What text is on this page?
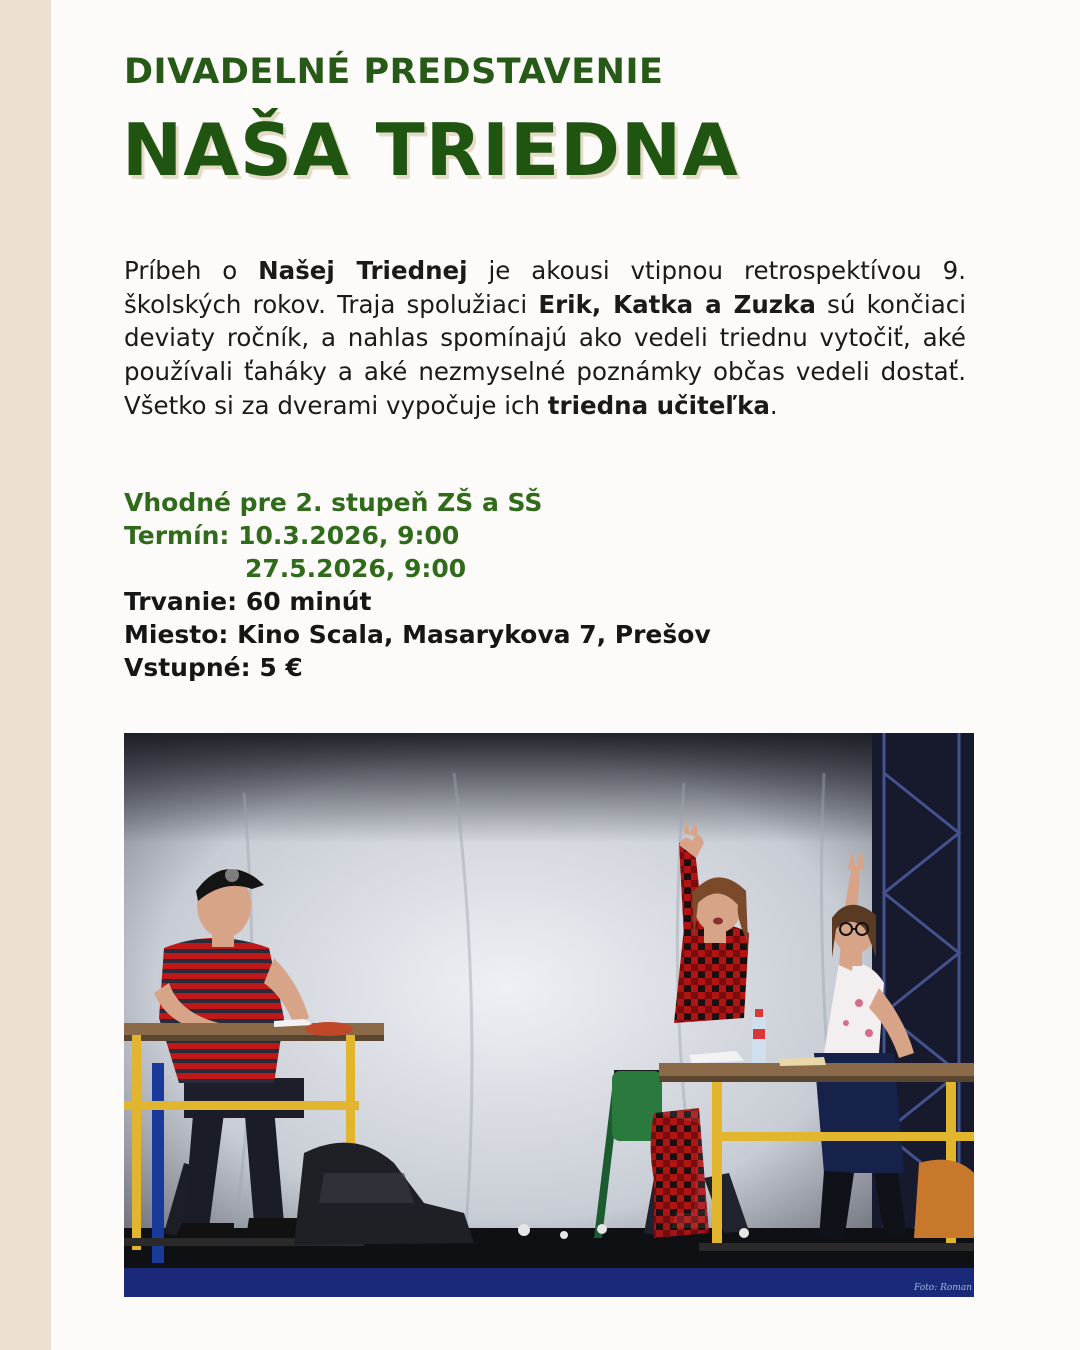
DIVADELNÉ PREDSTAVENIE
NAŠA TRIEDNA

Príbeh o Našej Triednej je akousi vtipnou retrospektívou 9. školských rokov. Traja spolužiaci Erik, Katka a Zuzka sú končiaci deviaty ročník, a nahlas spomínajú ako vedeli triednu vytočiť, aké používali ťaháky a aké nezmyselné poznámky občas vedeli dostať. Všetko si za dverami vypočuje ich triedna učiteľka.

Vhodné pre 2. stupeň ZŠ a SŠ
Termín: 10.3.2026, 9:00
27.5.2026, 9:00
Trvanie: 60 minút
Miesto: Kino Scala, Masarykova 7, Prešov
Vstupné: 5 €
Foto: Roman
